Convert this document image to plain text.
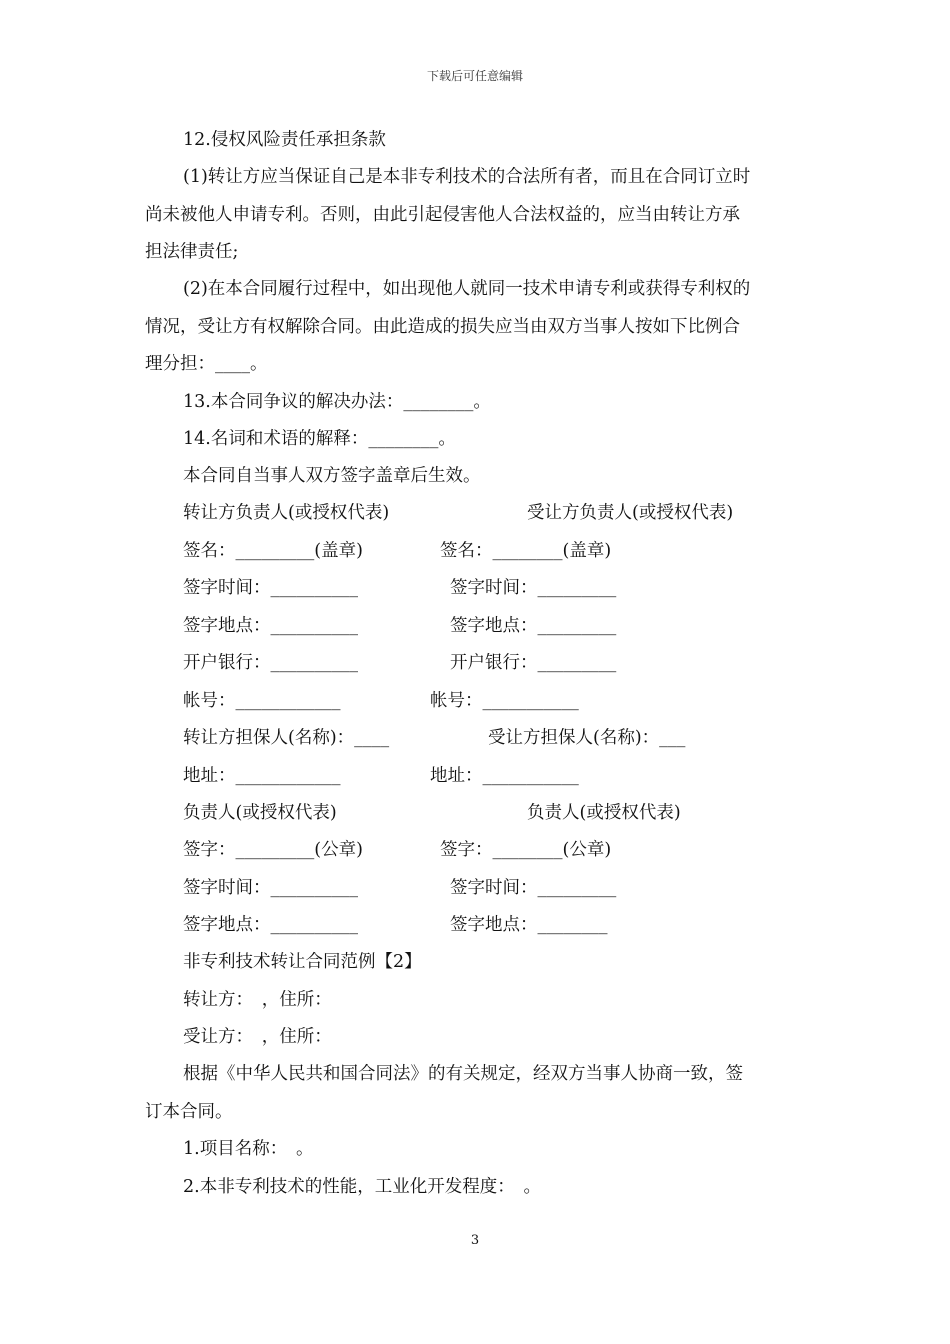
下载后可任意编辑
12.侵权风险责任承担条款
(1)转让方应当保证自己是本非专利技术的合法所有者，而且在合同订立时
尚未被他人申请专利。否则，由此引起侵害他人合法权益的，应当由转让方承
担法律责任;
(2)在本合同履行过程中，如出现他人就同一技术申请专利或获得专利权的
情况，受让方有权解除合同。由此造成的损失应当由双方当事人按如下比例合
理分担：____。
13.本合同争议的解决办法：________。
14.名词和术语的解释：________。
本合同自当事人双方签字盖章后生效。
转让方负责人(或授权代表)	受让方负责人(或授权代表)
签名：_________(盖章)	签名：________(盖章)
签字时间：__________	签字时间：_________
签字地点：__________	签字地点：_________
开户银行：__________	开户银行：_________
帐号：____________	帐号：___________
转让方担保人(名称)：____	受让方担保人(名称)：___
地址：____________	地址：___________
负责人(或授权代表)	负责人(或授权代表)
签字：_________(公章)	签字：________(公章)
签字时间：__________	签字时间：_________
签字地点：__________	签字地点：________
非专利技术转让合同范例【2】
转让方：　，住所：
受让方：　，住所：
根据《中华人民共和国合同法》的有关规定，经双方当事人协商一致，签
订本合同。
1.项目名称：　。
2.本非专利技术的性能，工业化开发程度：　。
3
